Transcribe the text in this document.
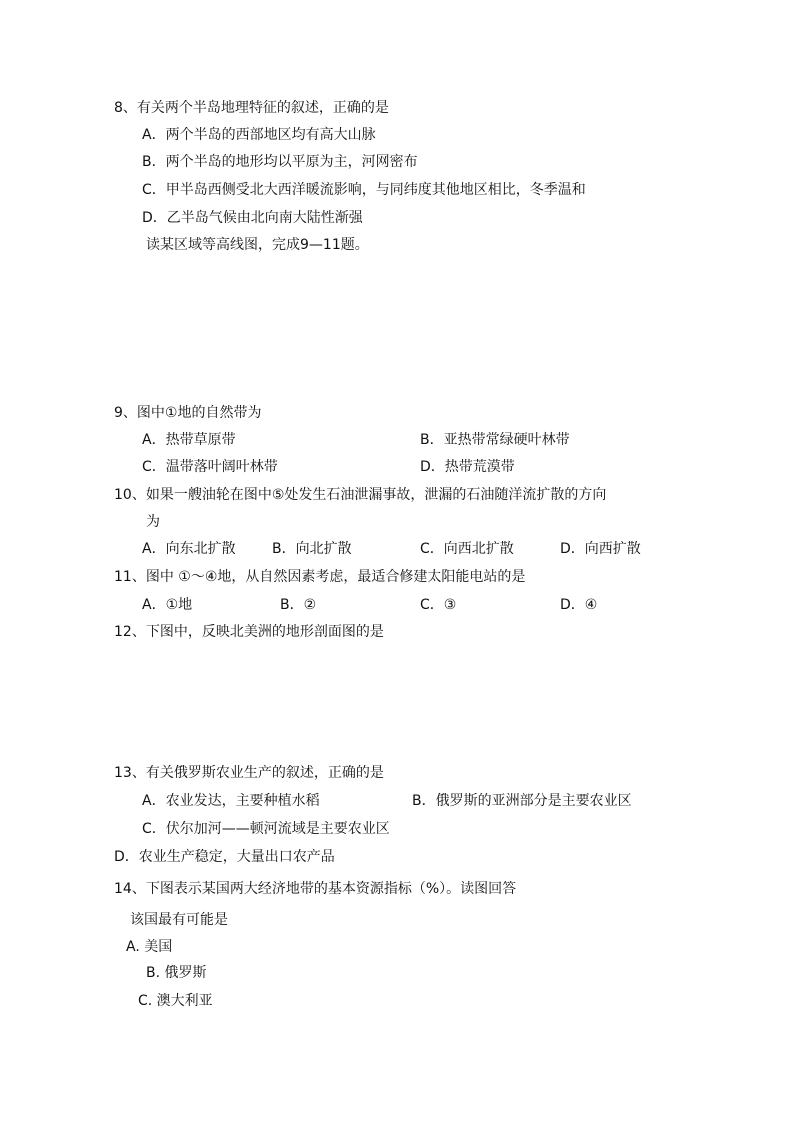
8、有关两个半岛地理特征的叙述，正确的是
A．两个半岛的西部地区均有高大山脉
B．两个半岛的地形均以平原为主，河网密布
C．甲半岛西侧受北大西洋暖流影响，与同纬度其他地区相比，冬季温和
D．乙半岛气候由北向南大陆性渐强
读某区域等高线图，完成9—11题。
9、图中①地的自然带为
A．热带草原带	B．亚热带常绿硬叶林带
C．温带落叶阔叶林带	D．热带荒漠带
10、如果一艘油轮在图中⑤处发生石油泄漏事故，泄漏的石油随洋流扩散的方向
为
A．向东北扩散	B．向北扩散	C．向西北扩散	D．向西扩散
11、图中 ①～④地，从自然因素考虑，最适合修建太阳能电站的是
A．①地	B．②	C．③	D．④
12、下图中，反映北美洲的地形剖面图的是
13、有关俄罗斯农业生产的叙述，正确的是
A．农业发达，主要种植水稻	B．俄罗斯的亚洲部分是主要农业区
C．伏尔加河——顿河流域是主要农业区
D．农业生产稳定，大量出口农产品
14、下图表示某国两大经济地带的基本资源指标（%）。读图回答
该国最有可能是
A. 美国
B. 俄罗斯
C. 澳大利亚
